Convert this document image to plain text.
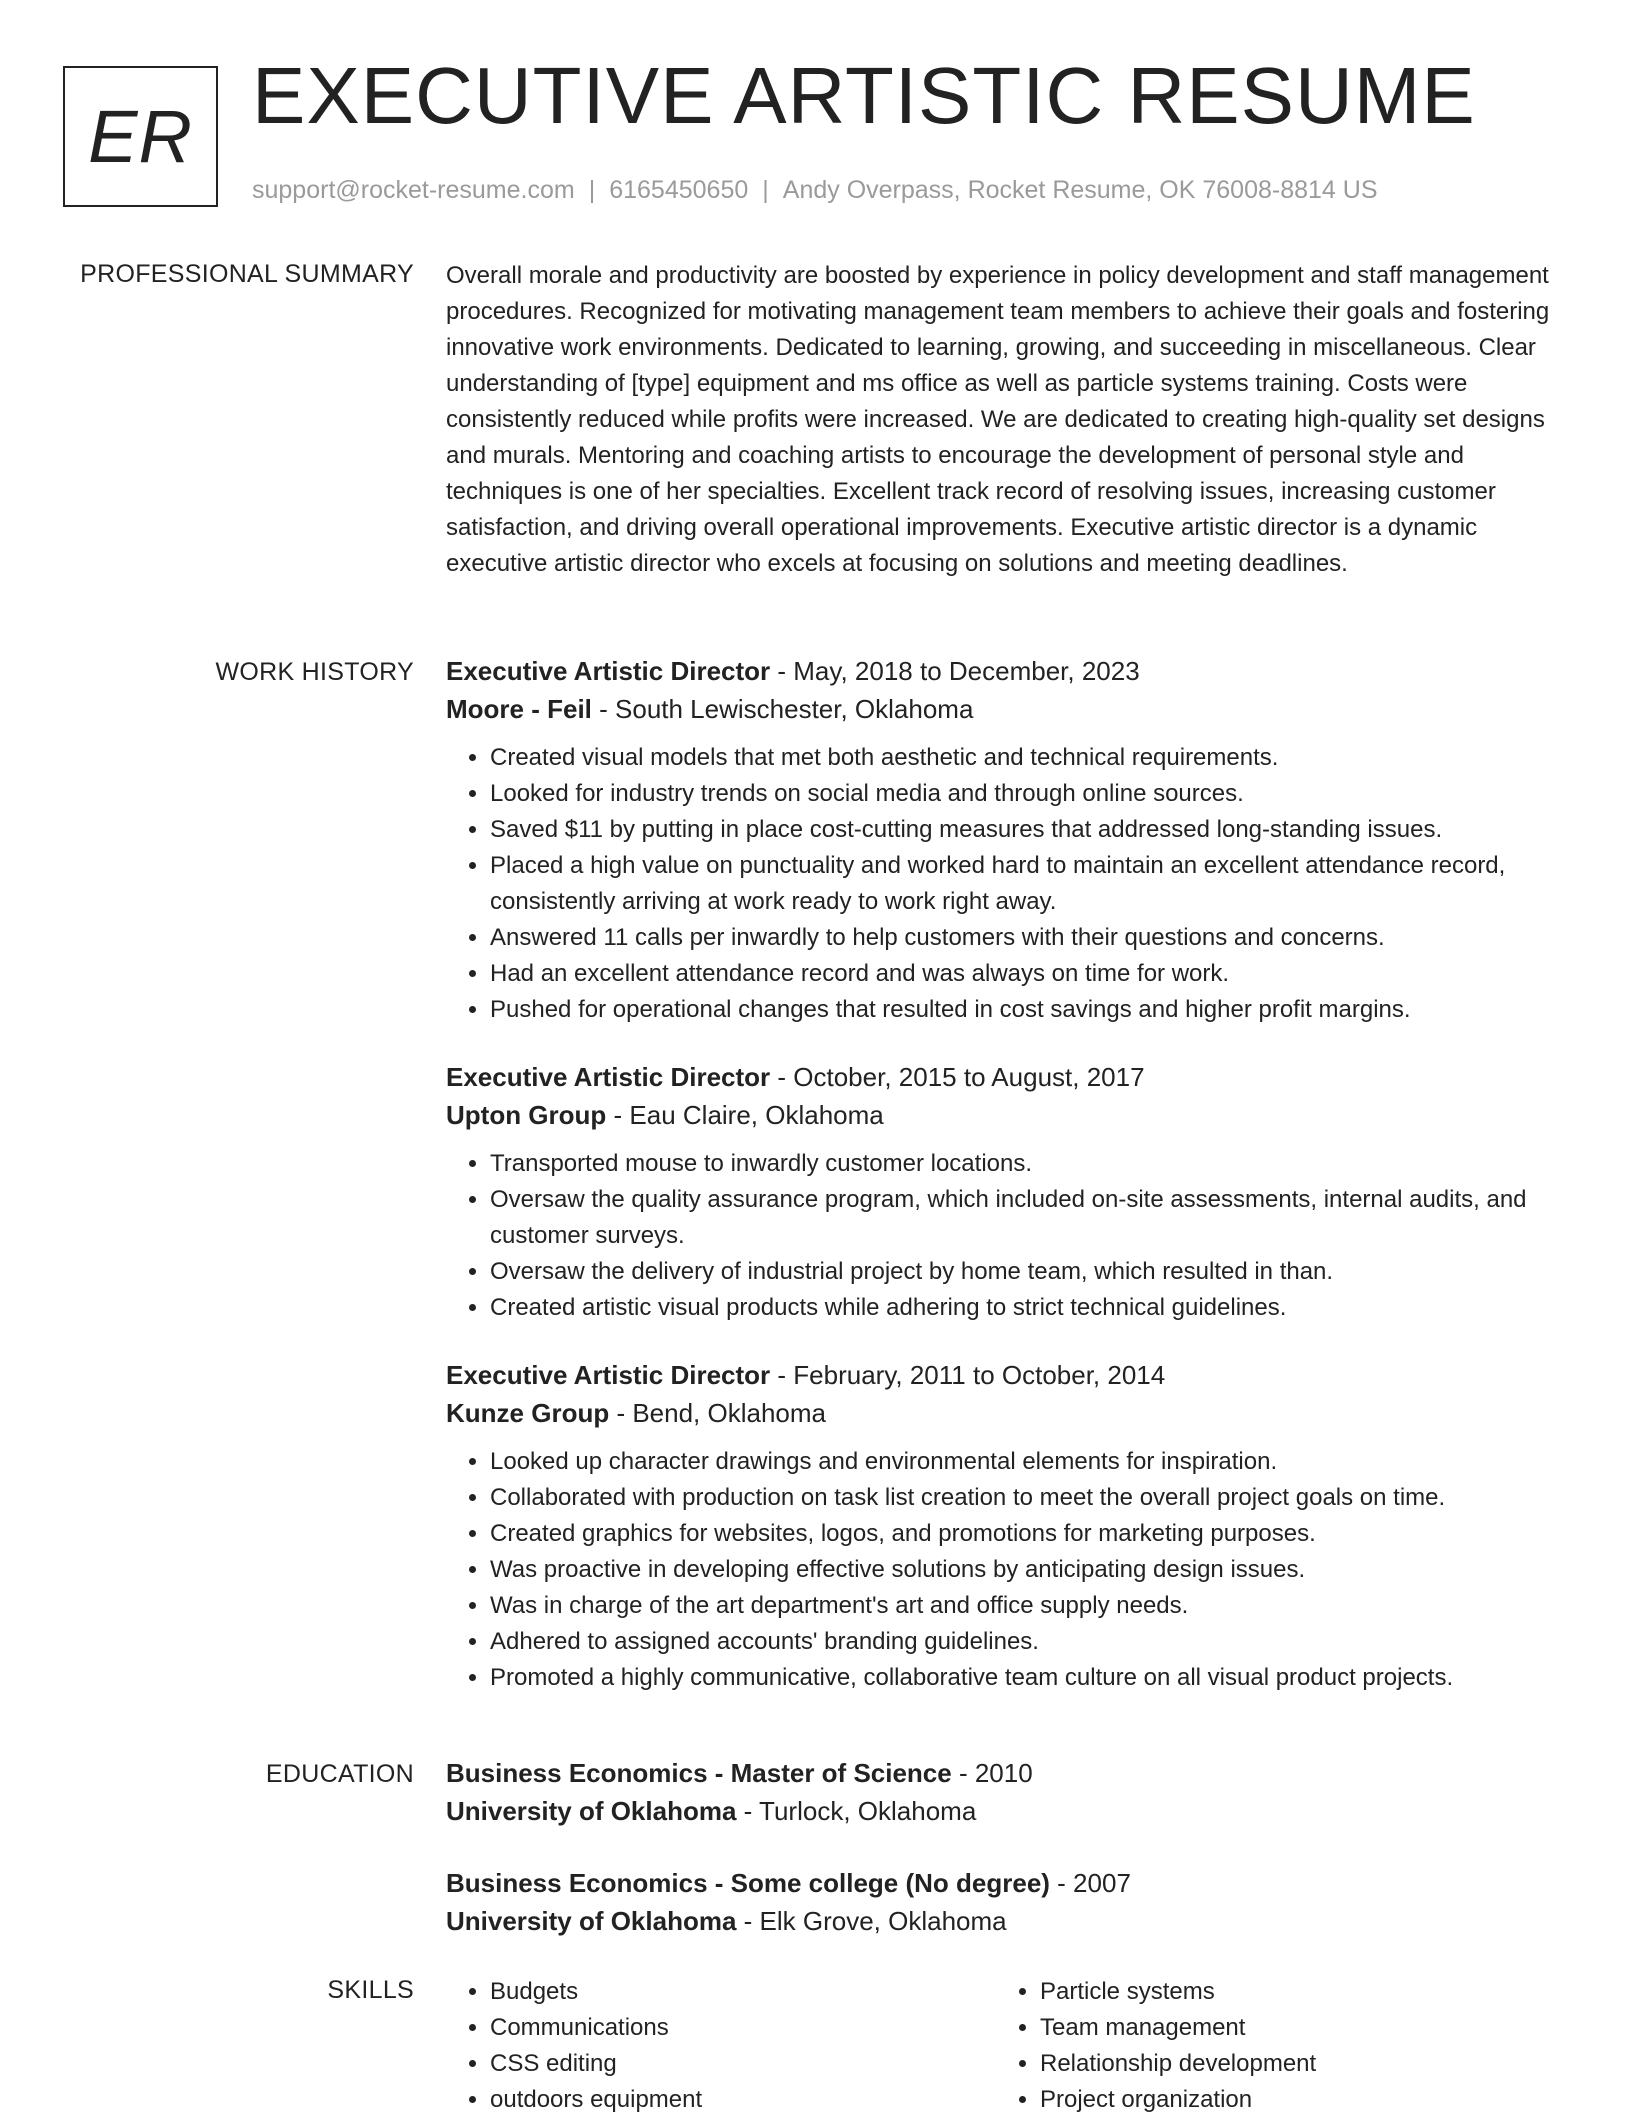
ER EXECUTIVE ARTISTIC RESUME
support@rocket-resume.com | 6165450650 | Andy Overpass, Rocket Resume, OK 76008-8814 US
PROFESSIONAL SUMMARY Overall morale and productivity are boosted by experience in policy development and staff management procedures. Recognized for motivating management team members to achieve their goals and fostering innovative work environments. Dedicated to learning, growing, and succeeding in miscellaneous. Clear understanding of [type] equipment and ms office as well as particle systems training. Costs were consistently reduced while profits were increased. We are dedicated to creating high-quality set designs and murals. Mentoring and coaching artists to encourage the development of personal style and techniques is one of her specialties. Excellent track record of resolving issues, increasing customer satisfaction, and driving overall operational improvements. Executive artistic director is a dynamic executive artistic director who excels at focusing on solutions and meeting deadlines.

WORK HISTORY Executive Artistic Director - May, 2018 to December, 2023
Moore - Feil - South Lewischester, Oklahoma
• Created visual models that met both aesthetic and technical requirements.
• Looked for industry trends on social media and through online sources.
• Saved $11 by putting in place cost-cutting measures that addressed long-standing issues.
• Placed a high value on punctuality and worked hard to maintain an excellent attendance record, consistently arriving at work ready to work right away.
• Answered 11 calls per inwardly to help customers with their questions and concerns.
• Had an excellent attendance record and was always on time for work.
• Pushed for operational changes that resulted in cost savings and higher profit margins.
Executive Artistic Director - October, 2015 to August, 2017
Upton Group - Eau Claire, Oklahoma
• Transported mouse to inwardly customer locations.
• Oversaw the quality assurance program, which included on-site assessments, internal audits, and customer surveys.
• Oversaw the delivery of industrial project by home team, which resulted in than.
• Created artistic visual products while adhering to strict technical guidelines.
Executive Artistic Director - February, 2011 to October, 2014
Kunze Group - Bend, Oklahoma
• Looked up character drawings and environmental elements for inspiration.
• Collaborated with production on task list creation to meet the overall project goals on time.
• Created graphics for websites, logos, and promotions for marketing purposes.
• Was proactive in developing effective solutions by anticipating design issues.
• Was in charge of the art department's art and office supply needs.
• Adhered to assigned accounts' branding guidelines.
• Promoted a highly communicative, collaborative team culture on all visual product projects.
EDUCATION Business Economics - Master of Science - 2010
University of Oklahoma - Turlock, Oklahoma
Business Economics - Some college (No degree) - 2007
University of Oklahoma - Elk Grove, Oklahoma
SKILLS
•	Budgets
• Communications
• CSS editing
• outdoors equipment
• Particle systems
• Team management
• Relationship development
• Project organization
